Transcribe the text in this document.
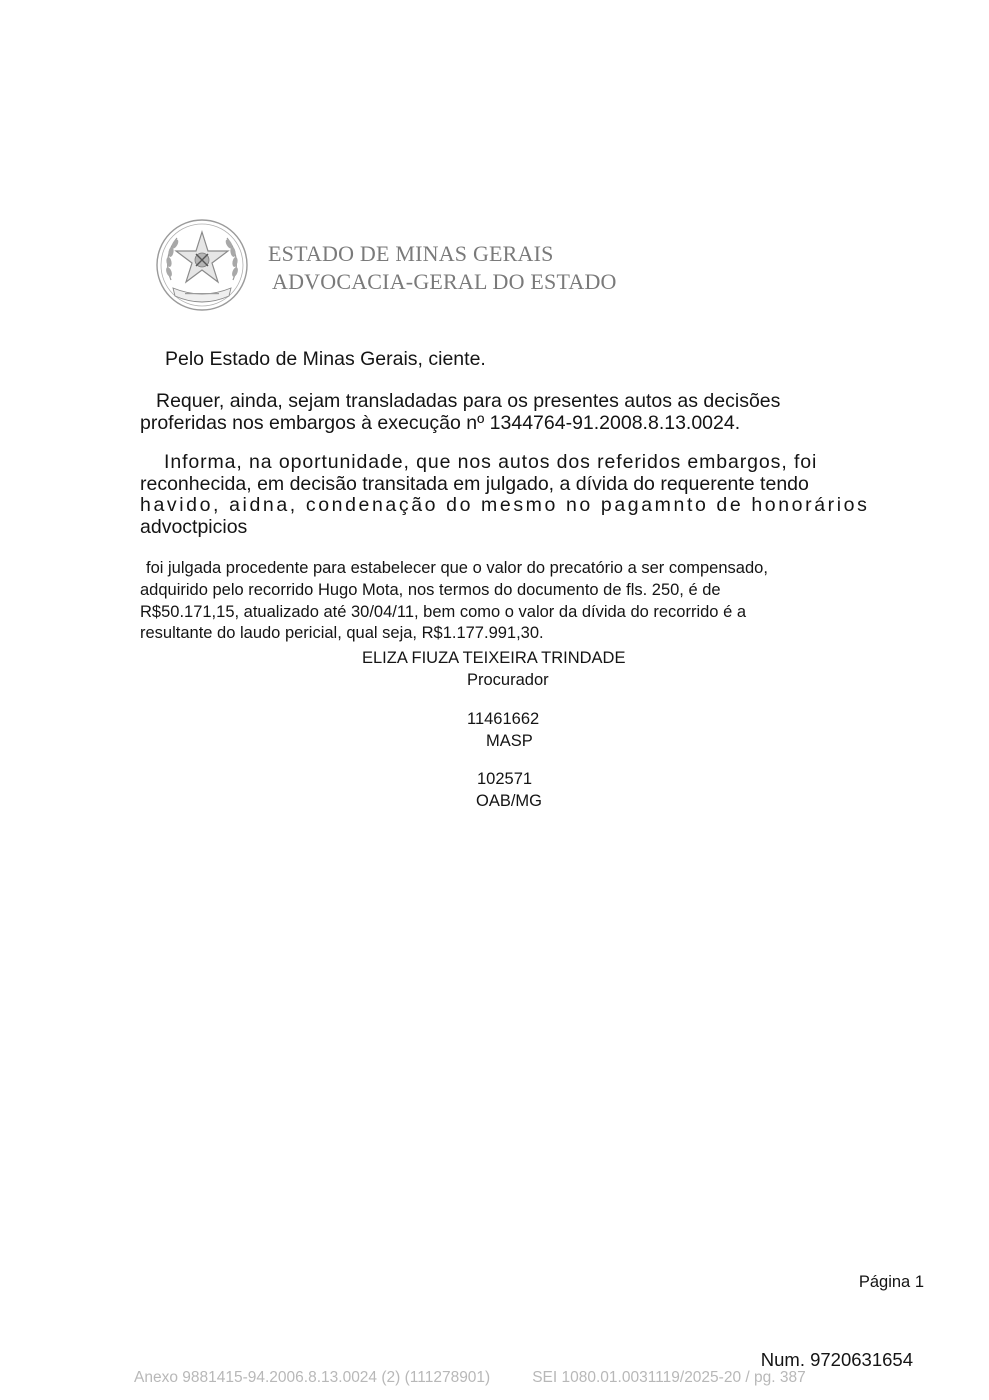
ESTADO DE MINAS GERAIS
ADVOCACIA-GERAL DO ESTADO
Pelo Estado de Minas Gerais, ciente.
Requer, ainda, sejam transladadas para os presentes autos as decisões
proferidas nos embargos à execução nº 1344764-91.2008.8.13.0024.
Informa, na oportunidade, que nos autos dos referidos embargos, foi
reconhecida, em decisão transitada em julgado, a dívida do requerente tendo
havido, aidna, condenação do mesmo no pagamnto de honorários
advoctpicios
foi julgada procedente para estabelecer que o valor do precatório a ser compensado,
adquirido pelo recorrido Hugo Mota, nos termos do documento de fls. 250, é de
R$50.171,15, atualizado até 30/04/11, bem como o valor da dívida do recorrido é a
resultante do laudo pericial, qual seja, R$1.177.991,30.
ELIZA FIUZA TEIXEIRA TRINDADE
Procurador
11461662
MASP
102571
OAB/MG
Página 1
Num. 9720631654
Anexo 9881415-94.2006.8.13.0024 (2) (111278901)	SEI 1080.01.0031119/2025-20 / pg. 387
